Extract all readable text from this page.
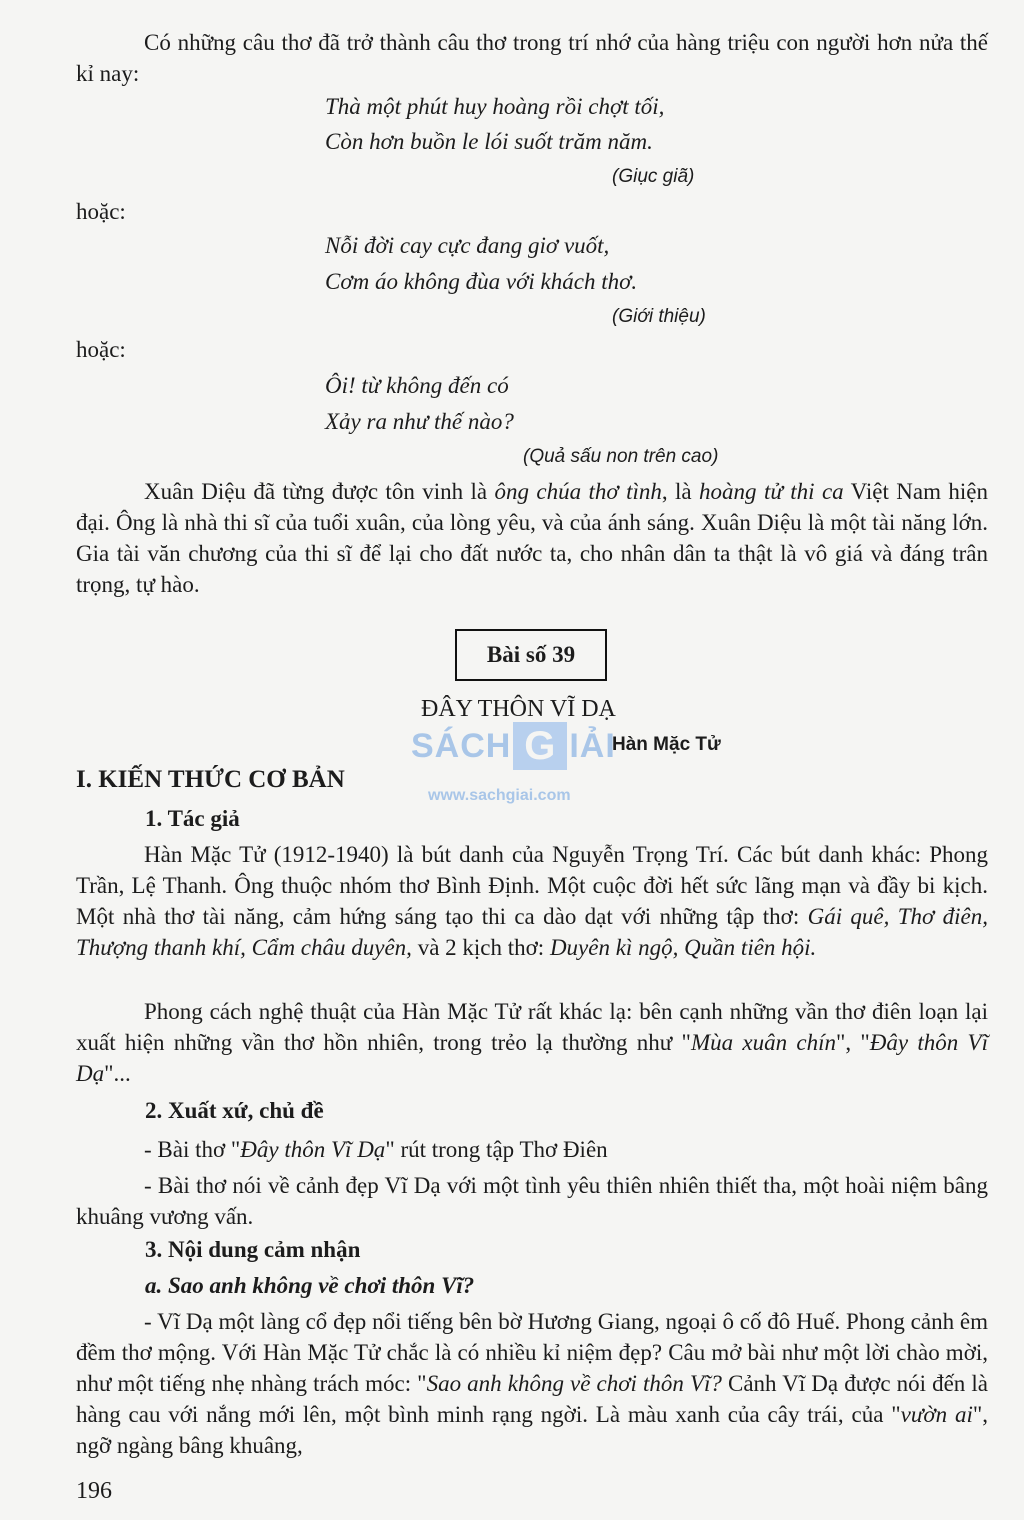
Có những câu thơ đã trở thành câu thơ trong trí nhớ của hàng triệu con người hơn nửa thế kỉ nay:

Thà một phút huy hoàng rồi chợt tối,
Còn hơn buồn le lói suốt trăm năm.
(Giục giã)
hoặc:
Nỗi đời cay cực đang giơ vuốt,
Cơm áo không đùa với khách thơ.
(Giới thiệu)
hoặc:
Ôi! từ không đến có
Xảy ra như thế nào?
(Quả sấu non trên cao)

Xuân Diệu đã từng được tôn vinh là ông chúa thơ tình, là hoàng tử thi ca Việt Nam hiện đại. Ông là nhà thi sĩ của tuổi xuân, của lòng yêu, và của ánh sáng. Xuân Diệu là một tài năng lớn. Gia tài văn chương của thi sĩ để lại cho đất nước ta, cho nhân dân ta thật là vô giá và đáng trân trọng, tự hào.

Bài số 39
ĐÂY THÔN VĨ DẠ
SÁCH G IẢI
www.sachgiai.com
Hàn Mặc Tử
I. KIẾN THỨC CƠ BẢN
1. Tác giả

Hàn Mặc Tử (1912-1940) là bút danh của Nguyễn Trọng Trí. Các bút danh khác: Phong Trần, Lệ Thanh. Ông thuộc nhóm thơ Bình Định. Một cuộc đời hết sức lãng mạn và đầy bi kịch. Một nhà thơ tài năng, cảm hứng sáng tạo thi ca dào dạt với những tập thơ: Gái quê, Thơ điên, Thượng thanh khí, Cẩm châu duyên, và 2 kịch thơ: Duyên kì ngộ, Quần tiên hội.

Phong cách nghệ thuật của Hàn Mặc Tử rất khác lạ: bên cạnh những vần thơ điên loạn lại xuất hiện những vần thơ hồn nhiên, trong trẻo lạ thường như "Mùa xuân chín", "Đây thôn Vĩ Dạ"...

2. Xuất xứ, chủ đề

- Bài thơ "Đây thôn Vĩ Dạ" rút trong tập Thơ Điên

- Bài thơ nói về cảnh đẹp Vĩ Dạ với một tình yêu thiên nhiên thiết tha, một hoài niệm bâng khuâng vương vấn.

3. Nội dung cảm nhận
a. Sao anh không về chơi thôn Vĩ?

- Vĩ Dạ một làng cổ đẹp nổi tiếng bên bờ Hương Giang, ngoại ô cố đô Huế. Phong cảnh êm đềm thơ mộng. Với Hàn Mặc Tử chắc là có nhiều kỉ niệm đẹp? Câu mở bài như một lời chào mời, như một tiếng nhẹ nhàng trách móc: "Sao anh không về chơi thôn Vĩ? Cảnh Vĩ Dạ được nói đến là hàng cau với nắng mới lên, một bình minh rạng ngời. Là màu xanh của cây trái, của "vườn ai", ngỡ ngàng bâng khuâng,

196
